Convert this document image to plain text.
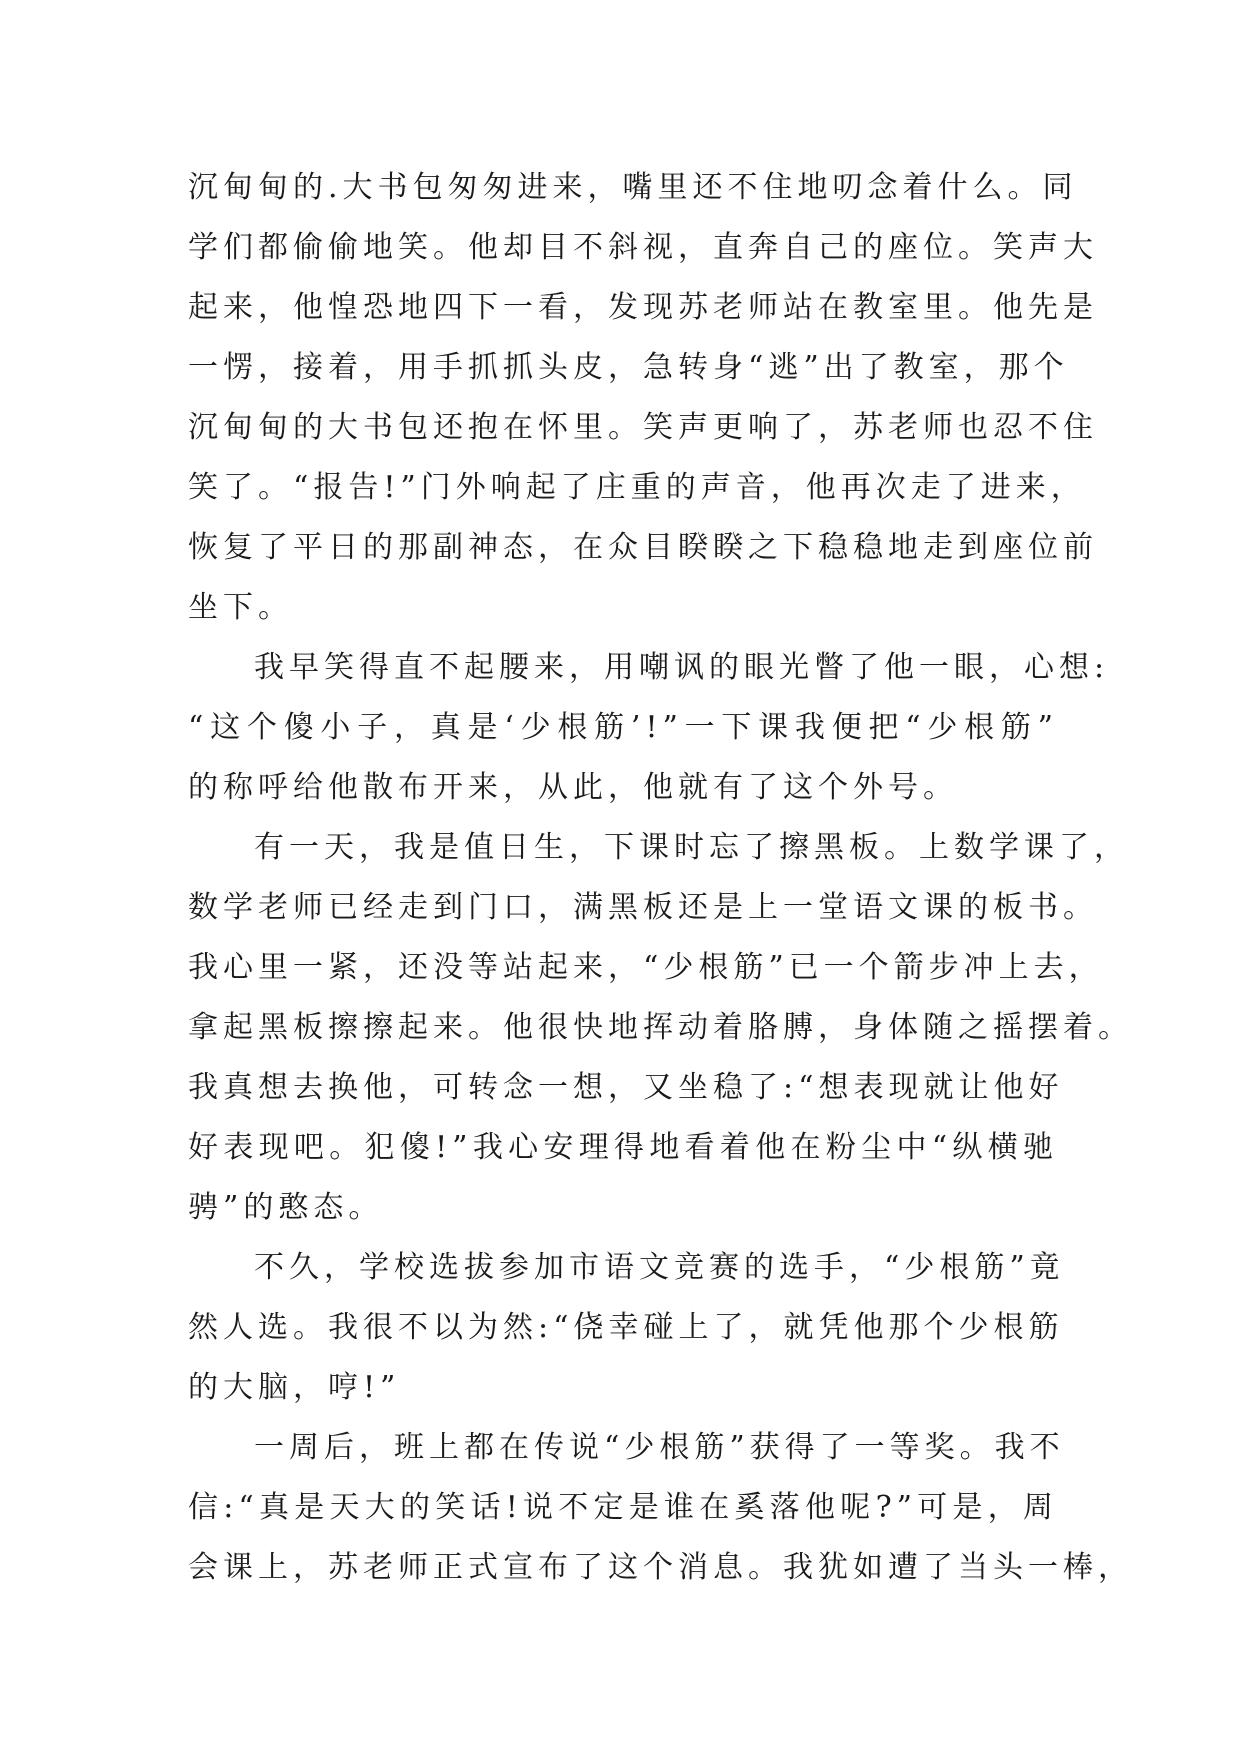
沉甸甸的.大书包匆匆进来，嘴里还不住地叨念着什么。同
学们都偷偷地笑。他却目不斜视，直奔自己的座位。笑声大
起来，他惶恐地四下一看，发现苏老师站在教室里。他先是
一愣，接着，用手抓抓头皮，急转身“逃”出了教室，那个
沉甸甸的大书包还抱在怀里。笑声更响了，苏老师也忍不住
笑了。“报告!”门外响起了庄重的声音，他再次走了进来，
恢复了平日的那副神态，在众目睽睽之下稳稳地走到座位前
坐下。
我早笑得直不起腰来，用嘲讽的眼光瞥了他一眼，心想:
“这个傻小子，真是‘少根筋’!”一下课我便把“少根筋”
的称呼给他散布开来，从此，他就有了这个外号。
有一天，我是值日生，下课时忘了擦黑板。上数学课了，
数学老师已经走到门口，满黑板还是上一堂语文课的板书。
我心里一紧，还没等站起来，“少根筋”已一个箭步冲上去，
拿起黑板擦擦起来。他很快地挥动着胳膊，身体随之摇摆着。
我真想去换他，可转念一想，又坐稳了:“想表现就让他好
好表现吧。犯傻!”我心安理得地看着他在粉尘中“纵横驰
骋”的憨态。
不久，学校选拔参加市语文竞赛的选手，“少根筋”竟
然人选。我很不以为然:“侥幸碰上了，就凭他那个少根筋
的大脑，哼!”
一周后，班上都在传说“少根筋”获得了一等奖。我不
信:“真是天大的笑话!说不定是谁在奚落他呢?”可是，周
会课上，苏老师正式宣布了这个消息。我犹如遭了当头一棒，
